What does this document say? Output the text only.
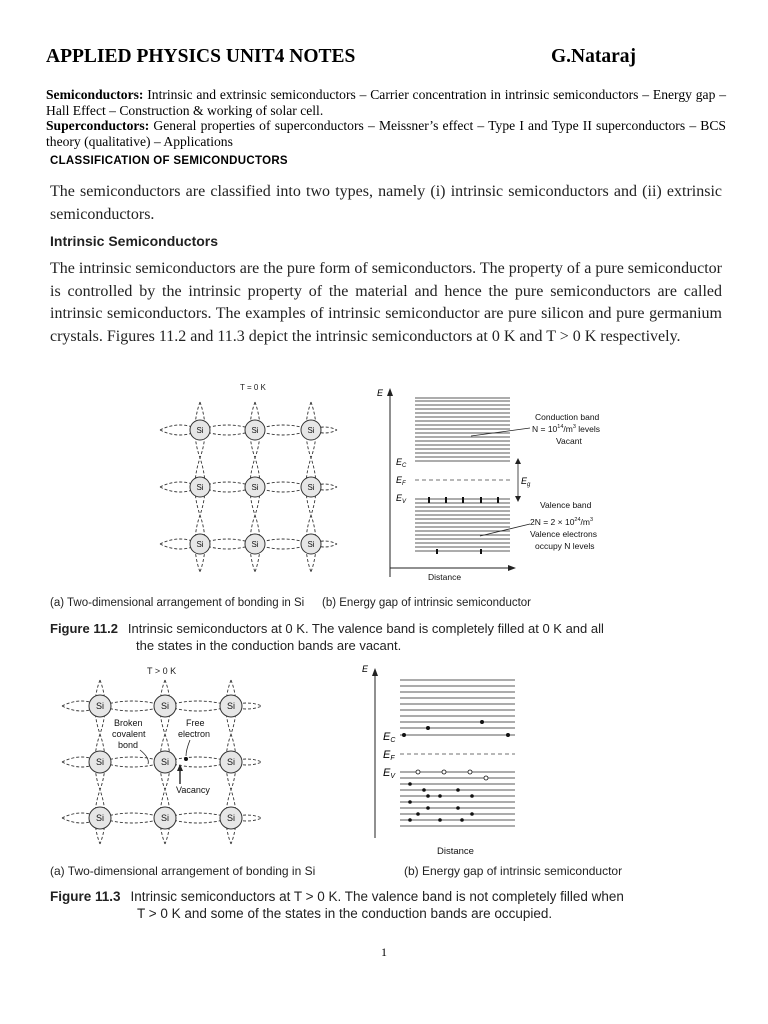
APPLIED PHYSICS UNIT4 NOTES	G.Nataraj
Semiconductors: Intrinsic and extrinsic semiconductors – Carrier concentration in intrinsic semiconductors – Energy gap – Hall Effect – Construction & working of solar cell.
Superconductors: General properties of superconductors – Meissner’s effect – Type I and Type II superconductors – BCS theory (qualitative) – Applications
CLASSIFICATION OF SEMICONDUCTORS
The semiconductors are classified into two types, namely (i) intrinsic semiconductors and (ii) extrinsic semiconductors.
Intrinsic Semiconductors
The intrinsic semiconductors are the pure form of semiconductors. The property of a pure semiconductor is controlled by the intrinsic property of the material and hence the pure semiconductors are called intrinsic semiconductors. The examples of intrinsic semiconductor are pure silicon and pure germanium crystals. Figures 11.2 and 11.3 depict the intrinsic semiconductors at 0 K and T > 0 K respectively.
Si	Si	Si
Si	Si	Si
Si	Si	Si
T = 0 K
E
$E_g$
$E_C$
$E_F$
$E_V$
Conduction band
$N = 10^{14}/m^3$ levels
Vacant
Valence band
$2N = 2 \times 10^{24}/m^3$
Valence electrons
occupy N levels
Distance
(a) Two-dimensional arrangement of bonding in Si (b) Energy gap of intrinsic semiconductor
Figure 11.2 Intrinsic semiconductors at 0 K. The valence band is completely filled at 0 K and all
the states in the conduction bands are vacant.
T > 0 K
Si	Si	Si
Si	Si	Si
Si	Si	Si
Broken
covalent
bond
Free
electron
Vacancy
E
EC
EF
EV
Distance
(a) Two-dimensional arrangement of bonding in Si	(b) Energy gap of intrinsic semiconductor
Figure 11.3 Intrinsic semiconductors at T > 0 K. The valence band is not completely filled when
T > 0 K and some of the states in the conduction bands are occupied.
1
